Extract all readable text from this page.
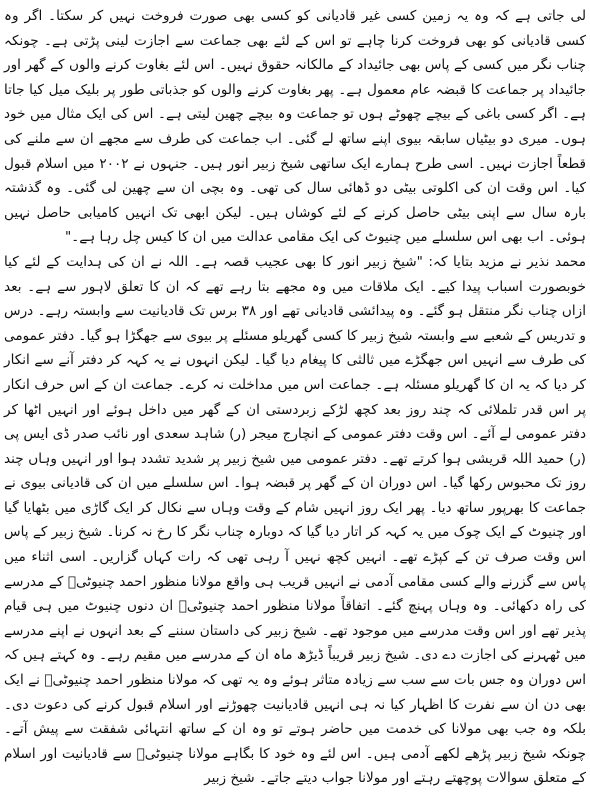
لی جاتی ہے کہ وہ یہ زمین کسی غیر قادیانی کو کسی بھی صورت فروخت نہیں کر سکتا۔ اگر وہ کسی قادیانی کو بھی فروخت کرنا چاہے تو اس کے لئے بھی جماعت سے اجازت لینی پڑتی ہے۔ چونکہ چناب نگر میں کسی کے پاس بھی جائیداد کے مالکانہ حقوق نہیں۔ اس لئے بغاوت کرنے والوں کے گھر اور جائیداد پر جماعت کا قبضہ عام معمول ہے۔ پھر بغاوت کرنے والوں کو جذباتی طور پر بلیک میل کیا جاتا ہے۔ اگر کسی باغی کے بیچے چھوٹے ہوں تو جماعت وہ بیچے چھین لیتی ہے۔ اس کی ایک مثال میں خود ہوں۔ میری دو بیٹیاں سابقہ بیوی اپنے ساتھ لے گئی۔ اب جماعت کی طرف سے مجھے ان سے ملنے کی قطعاً اجازت نہیں۔ اسی طرح ہمارے ایک ساتھی شیخ زبیر انور ہیں۔ جنہوں نے ۲۰۰۲ میں اسلام قبول کیا۔ اس وقت ان کی اکلوتی بیٹی دو ڈھائی سال کی تھی۔ وہ بچی ان سے چھین لی گئی۔ وہ گذشتہ بارہ سال سے اپنی بیٹی حاصل کرنے کے لئے کوشاں ہیں۔ لیکن ابھی تک انہیں کامیابی حاصل نہیں ہوئی۔ اب بھی اس سلسلے میں چنیوٹ کی ایک مقامی عدالت میں ان کا کیس چل رہا ہے۔"

محمد نذیر نے مزید بتایا کہ: "شیخ زبیر انور کا بھی عجیب قصہ ہے۔ اللہ نے ان کی ہدایت کے لئے کیا خوبصورت اسباب پیدا کیے۔ ایک ملاقات میں وہ مجھے بتا رہے تھے کہ ان کا تعلق لاہور سے ہے۔ بعد ازاں چناب نگر منتقل ہو گئے۔ وہ پیدائشی قادیانی تھے اور ۳۸ برس تک قادیانیت سے وابستہ رہے۔ درس و تدریس کے شعبے سے وابستہ شیخ زبیر کا کسی گھریلو مسئلے پر بیوی سے جھگڑا ہو گیا۔ دفتر عمومی کی طرف سے انہیں اس جھگڑے میں ثالثی کا پیغام دیا گیا۔ لیکن انہوں نے یہ کہہ کر دفتر آنے سے انکار کر دیا کہ یہ ان کا گھریلو مسئلہ ہے۔ جماعت اس میں مداخلت نہ کرے۔ جماعت ان کے اس حرف انکار پر اس قدر تلملائی کہ چند روز بعد کچھ لڑکے زبردستی ان کے گھر میں داخل ہوئے اور انہیں اٹھا کر دفتر عمومی لے آئے۔ اس وقت دفتر عمومی کے انچارج میجر (ر) شاہد سعدی اور نائب صدر ڈی ایس پی (ر) حمید اللہ قریشی ہوا کرتے تھے۔ دفتر عمومی میں شیخ زبیر پر شدید تشدد ہوا اور انہیں وہاں چند روز تک محبوس رکھا گیا۔ اس دوران ان کے گھر پر قبضہ ہوا۔ اس سلسلے میں ان کی قادیانی بیوی نے جماعت کا بھرپور ساتھ دیا۔ پھر ایک روز انہیں شام کے وقت وہاں سے نکال کر ایک گاڑی میں بٹھایا گیا اور چنیوٹ کے ایک چوک میں یہ کہہ کر اتار دیا گیا کہ دوبارہ چناب نگر کا رخ نہ کرنا۔ شیخ زبیر کے پاس اس وقت صرف تن کے کپڑے تھے۔ انہیں کچھ نہیں آ رہی تھی کہ رات کہاں گزاریں۔ اسی اثناء میں پاس سے گزرنے والے کسی مقامی آدمی نے انہیں قریب ہی واقع مولانا منظور احمد چنیوٹیؒ کے مدرسے کی راہ دکھائی۔ وہ وہاں پہنچ گئے۔ اتفاقاً مولانا منظور احمد چنیوٹیؒ ان دنوں چنیوٹ میں ہی قیام پذیر تھے اور اس وقت مدرسے میں موجود تھے۔ شیخ زبیر کی داستان سننے کے بعد انہوں نے اپنے مدرسے میں ٹھہرنے کی اجازت دے دی۔ شیخ زبیر قریباً ڈیڑھ ماہ ان کے مدرسے میں مقیم رہے۔ وہ کہتے ہیں کہ اس دوران وہ جس بات سے سب سے زیادہ متاثر ہوئے وہ یہ تھی کہ مولانا منظور احمد چنیوٹیؒ نے ایک بھی دن ان سے نفرت کا اظہار کیا نہ ہی انہیں قادیانیت چھوڑنے اور اسلام قبول کرنے کی دعوت دی۔ بلکہ وہ جب بھی مولانا کی خدمت میں حاضر ہوتے تو وہ ان کے ساتھ انتہائی شفقت سے پیش آتے۔ چونکہ شیخ زبیر پڑھے لکھے آدمی ہیں۔ اس لئے وہ خود کا بگاہے مولانا چنیوٹیؒ سے قادیانیت اور اسلام کے متعلق سوالات پوچھتے رہتے اور مولانا جواب دیتے جاتے۔ شیخ زبیر
